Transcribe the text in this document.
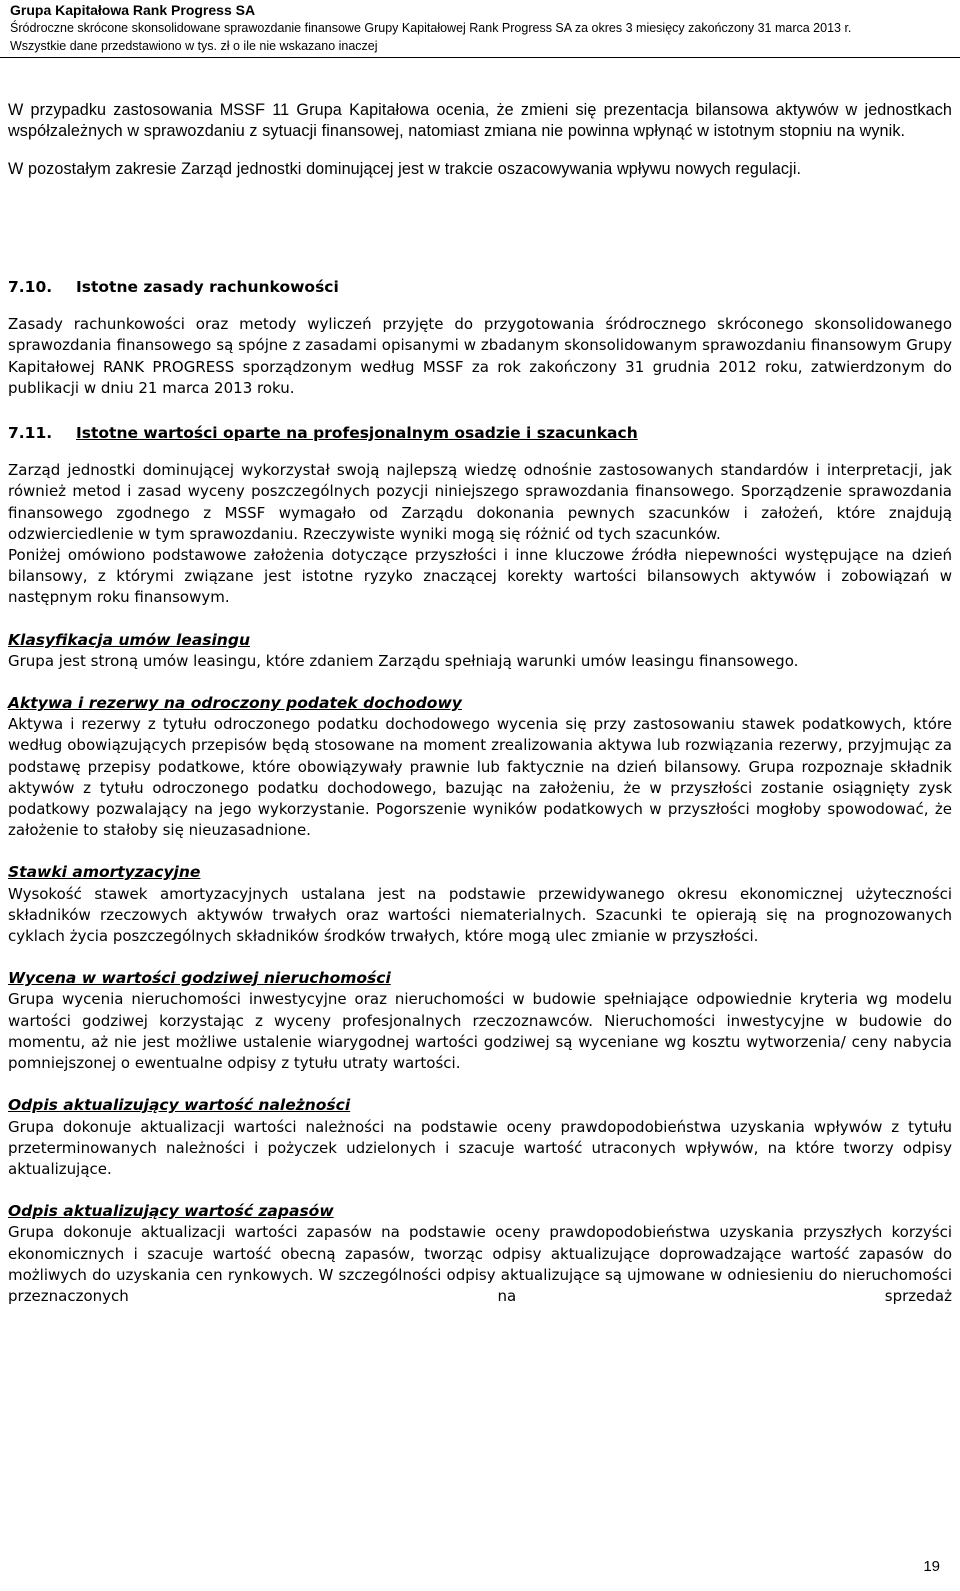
Grupa Kapitałowa Rank Progress SA
Śródroczne skrócone skonsolidowane sprawozdanie finansowe Grupy Kapitałowej Rank Progress SA za okres 3 miesięcy zakończony 31 marca 2013 r.
Wszystkie dane przedstawiono w tys. zł o ile nie wskazano inaczej

W przypadku zastosowania MSSF 11 Grupa Kapitałowa ocenia, że zmieni się prezentacja bilansowa aktywów w jednostkach współzależnych w sprawozdaniu z sytuacji finansowej, natomiast zmiana nie powinna wpłynąć w istotnym stopniu na wynik.

W pozostałym zakresie Zarząd jednostki dominującej jest w trakcie oszacowywania wpływu nowych regulacji.

7.10. Istotne zasady rachunkowości

Zasady rachunkowości oraz metody wyliczeń przyjęte do przygotowania śródrocznego skróconego skonsolidowanego sprawozdania finansowego są spójne z zasadami opisanymi w zbadanym skonsolidowanym sprawozdaniu finansowym Grupy Kapitałowej RANK PROGRESS sporządzonym według MSSF za rok zakończony 31 grudnia 2012 roku, zatwierdzonym do publikacji w dniu 21 marca 2013 roku.

7.11. Istotne wartości oparte na profesjonalnym osadzie i szacunkach

Zarząd jednostki dominującej wykorzystał swoją najlepszą wiedzę odnośnie zastosowanych standardów i interpretacji, jak również metod i zasad wyceny poszczególnych pozycji niniejszego sprawozdania finansowego. Sporządzenie sprawozdania finansowego zgodnego z MSSF wymagało od Zarządu dokonania pewnych szacunków i założeń, które znajdują odzwierciedlenie w tym sprawozdaniu. Rzeczywiste wyniki mogą się różnić od tych szacunków.

Poniżej omówiono podstawowe założenia dotyczące przyszłości i inne kluczowe źródła niepewności występujące na dzień bilansowy, z którymi związane jest istotne ryzyko znaczącej korekty wartości bilansowych aktywów i zobowiązań w następnym roku finansowym.

Klasyfikacja umów leasingu

Grupa jest stroną umów leasingu, które zdaniem Zarządu spełniają warunki umów leasingu finansowego.

Aktywa i rezerwy na odroczony podatek dochodowy

Aktywa i rezerwy z tytułu odroczonego podatku dochodowego wycenia się przy zastosowaniu stawek podatkowych, które według obowiązujących przepisów będą stosowane na moment zrealizowania aktywa lub rozwiązania rezerwy, przyjmując za podstawę przepisy podatkowe, które obowiązywały prawnie lub faktycznie na dzień bilansowy. Grupa rozpoznaje składnik aktywów z tytułu odroczonego podatku dochodowego, bazując na założeniu, że w przyszłości zostanie osiągnięty zysk podatkowy pozwalający na jego wykorzystanie. Pogorszenie wyników podatkowych w przyszłości mogłoby spowodować, że założenie to stałoby się nieuzasadnione.

Stawki amortyzacyjne

Wysokość stawek amortyzacyjnych ustalana jest na podstawie przewidywanego okresu ekonomicznej użyteczności składników rzeczowych aktywów trwałych oraz wartości niematerialnych. Szacunki te opierają się na prognozowanych cyklach życia poszczególnych składników środków trwałych, które mogą ulec zmianie w przyszłości.

Wycena w wartości godziwej nieruchomości

Grupa wycenia nieruchomości inwestycyjne oraz nieruchomości w budowie spełniające odpowiednie kryteria wg modelu wartości godziwej korzystając z wyceny profesjonalnych rzeczoznawców. Nieruchomości inwestycyjne w budowie do momentu, aż nie jest możliwe ustalenie wiarygodnej wartości godziwej są wyceniane wg kosztu wytworzenia/ ceny nabycia pomniejszonej o ewentualne odpisy z tytułu utraty wartości.

Odpis aktualizujący wartość należności

Grupa dokonuje aktualizacji wartości należności na podstawie oceny prawdopodobieństwa uzyskania wpływów z tytułu przeterminowanych należności i pożyczek udzielonych i szacuje wartość utraconych wpływów, na które tworzy odpisy aktualizujące.

Odpis aktualizujący wartość zapasów

Grupa dokonuje aktualizacji wartości zapasów na podstawie oceny prawdopodobieństwa uzyskania przyszłych korzyści ekonomicznych i szacuje wartość obecną zapasów, tworząc odpisy aktualizujące doprowadzające wartość zapasów do możliwych do uzyskania cen rynkowych. W szczególności odpisy aktualizujące są ujmowane w odniesieniu do nieruchomości przeznaczonych na sprzedaż

19
